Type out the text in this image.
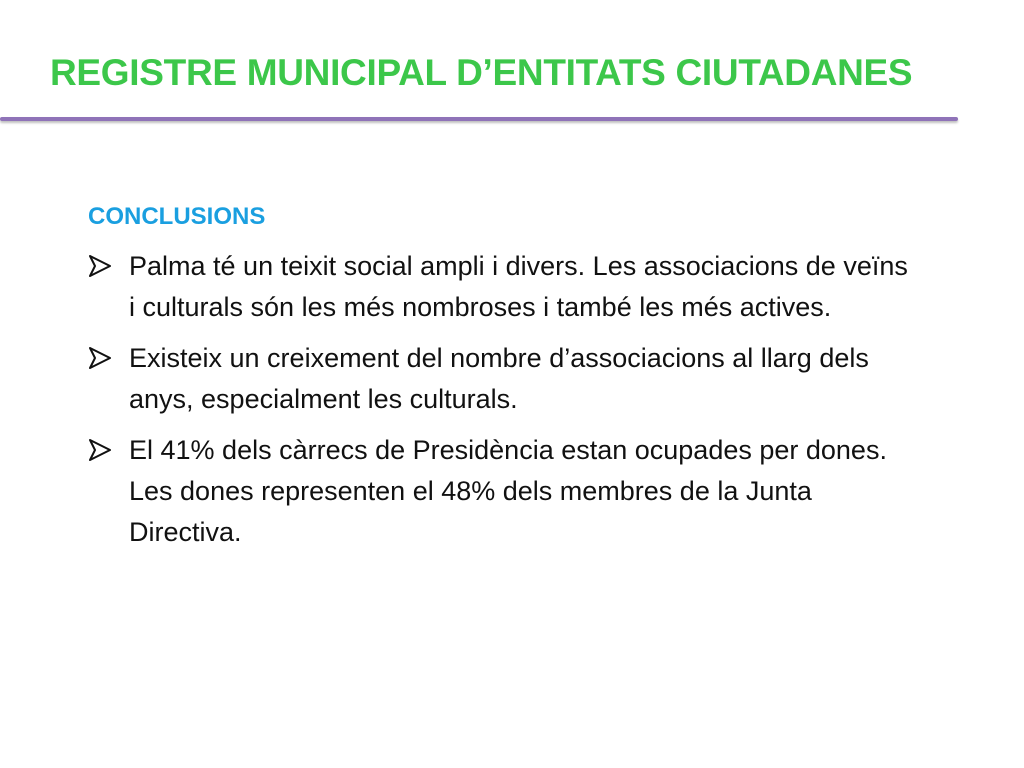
REGISTRE MUNICIPAL D’ENTITATS CIUTADANES
CONCLUSIONS
Palma té un teixit social ampli i divers. Les associacions de veïns i culturals són les més nombroses i també les més actives.
Existeix un creixement del nombre d’associacions al llarg dels anys, especialment les culturals.
El 41% dels càrrecs de Presidència estan ocupades per dones. Les dones representen el 48% dels membres de la Junta Directiva.
